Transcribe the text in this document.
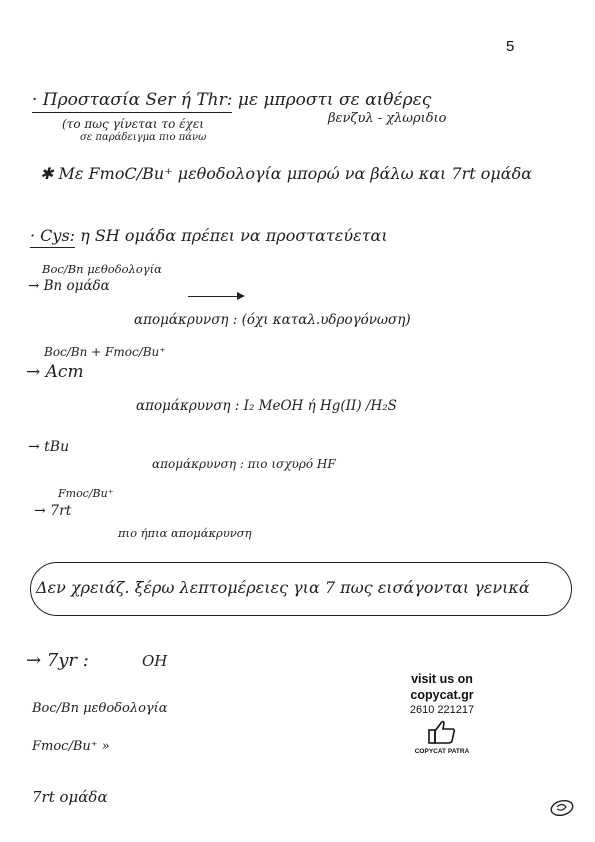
5
· Προστασία Ser ή Thr: με μπροστι σε αιθέρες
(το πως γίνεται το έχει	βενζυλ - χλωριδιο
σε παράδειγμα πιο πάνω
✱ Με FmoC/Bu⁺ μεθοδολογία μπορώ να βάλω και 7rt ομάδα
· Cys: η SH ομάδα πρέπει να προστατεύεται
Boc/Bn μεθοδολογία
→ Bn ομάδα
απομάκρυνση : (όχι καταλ.υδρογόνωση)
Boc/Bn + Fmoc/Bu⁺
→ Acm
απομάκρυνση : I₂ MeOH ή Hg(II) /H₂S
→ tBu
απομάκρυνση : πιο ισχυρό HF
Fmoc/Bu⁺
→ 7rt
πιο ήπια απομάκρυνση
Δεν χρειάζ. ξέρω λεπτομέρειες για 7 πως εισάγονται γενικά
→ 7yr :	OH
Boc/Bn μεθοδολογία
Fmoc/Bu⁺ »
7rt ομάδα
visit us on
copycat.gr
2610 221217
COPYCAT PATRA
